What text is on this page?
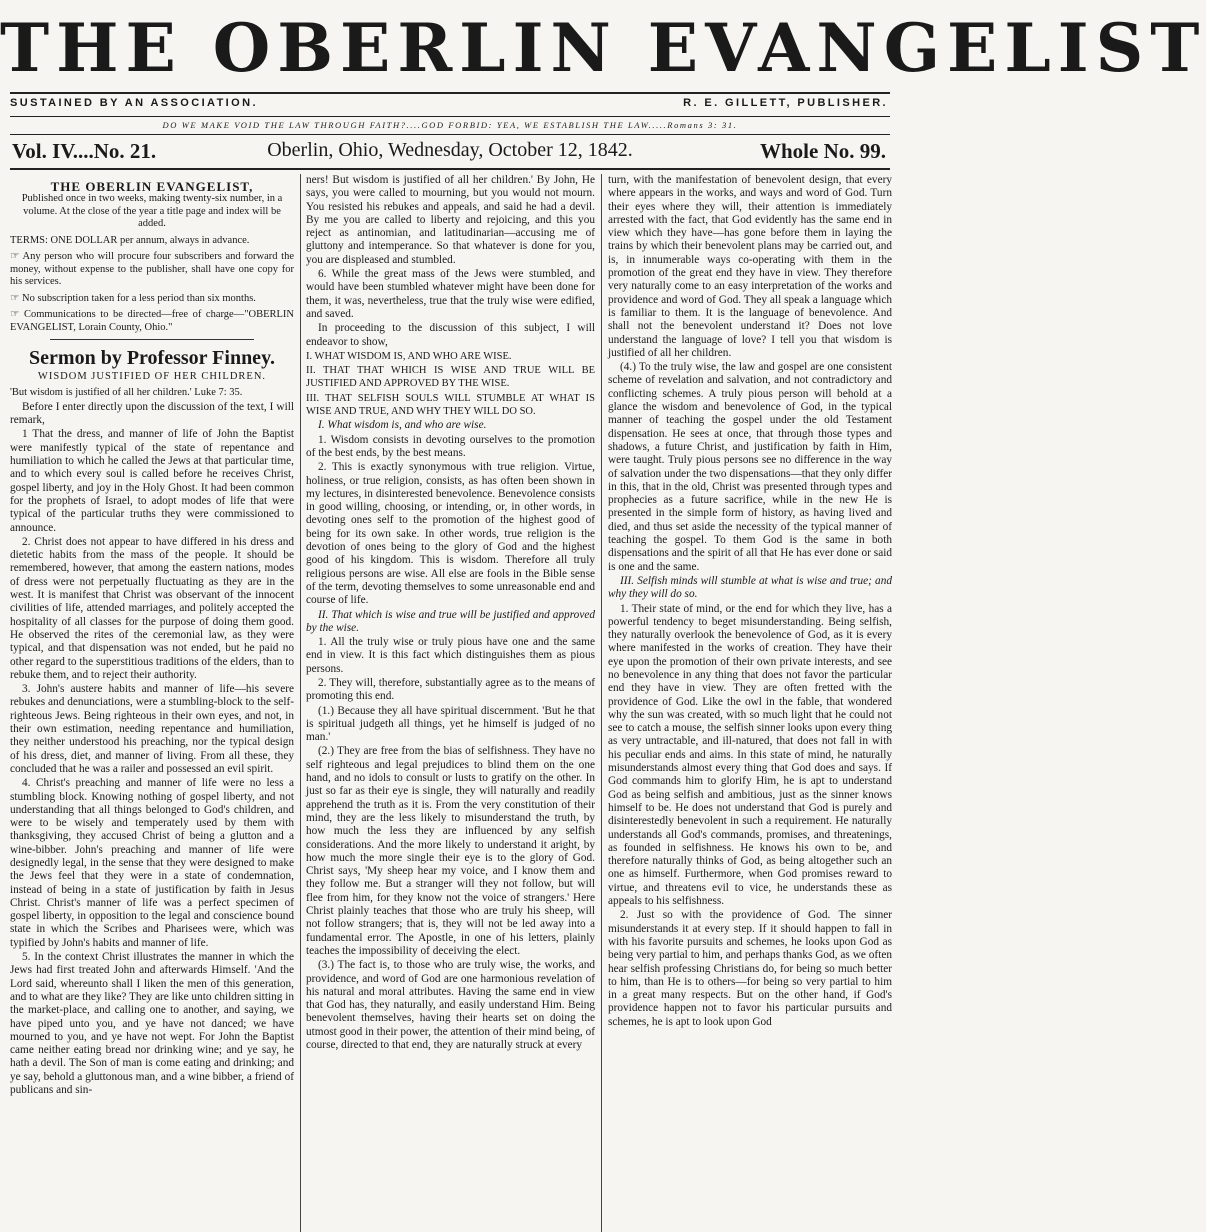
THE OBERLIN EVANGELIST
SUSTAINED BY AN ASSOCIATION.	R. E. GILLETT, PUBLISHER.
DO WE MAKE VOID THE LAW THROUGH FAITH?....GOD FORBID: YEA, WE ESTABLISH THE LAW.....Romans 3: 31.
Vol. IV....No. 21.	Oberlin, Ohio, Wednesday, October 12, 1842.	Whole No. 99.
THE OBERLIN EVANGELIST,

Published once in two weeks, making twenty-six number, in a volume. At the close of the year a title page and index will be added.

TERMS: ONE DOLLAR per annum, always in advance.

☞ Any person who will procure four subscribers and forward the money, without expense to the publisher, shall have one copy for his services.

☞ No subscription taken for a less period than six months.

☞ Communications to be directed—free of charge—"OBERLIN EVANGELIST, Lorain County, Ohio."

Sermon by Professor Finney.
WISDOM JUSTIFIED OF HER CHILDREN.

'But wisdom is justified of all her children.' Luke 7: 35.

Before I enter directly upon the discussion of the text, I will remark,

1 That the dress, and manner of life of John the Baptist were manifestly typical of the state of repentance and humiliation to which he called the Jews at that particular time, and to which every soul is called before he receives Christ, gospel liberty, and joy in the Holy Ghost. It had been common for the prophets of Israel, to adopt modes of life that were typical of the particular truths they were commissioned to announce.

2. Christ does not appear to have differed in his dress and dietetic habits from the mass of the people. It should be remembered, however, that among the eastern nations, modes of dress were not perpetually fluctuating as they are in the west. It is manifest that Christ was observant of the innocent civilities of life, attended marriages, and politely accepted the hospitality of all classes for the purpose of doing them good. He observed the rites of the ceremonial law, as they were typical, and that dispensation was not ended, but he paid no other regard to the superstitious traditions of the elders, than to rebuke them, and to reject their authority.

3. John's austere habits and manner of life—his severe rebukes and denunciations, were a stumbling-block to the self-righteous Jews. Being righteous in their own eyes, and not, in their own estimation, needing repentance and humiliation, they neither understood his preaching, nor the typical design of his dress, diet, and manner of living. From all these, they concluded that he was a railer and possessed an evil spirit.

4. Christ's preaching and manner of life were no less a stumbling block. Knowing nothing of gospel liberty, and not understanding that all things belonged to God's children, and were to be wisely and temperately used by them with thanksgiving, they accused Christ of being a glutton and a wine-bibber. John's preaching and manner of life were designedly legal, in the sense that they were designed to make the Jews feel that they were in a state of condemnation, instead of being in a state of justification by faith in Jesus Christ. Christ's manner of life was a perfect specimen of gospel liberty, in opposition to the legal and conscience bound state in which the Scribes and Pharisees were, which was typified by John's habits and manner of life.

5. In the context Christ illustrates the manner in which the Jews had first treated John and afterwards Himself. 'And the Lord said, whereunto shall I liken the men of this generation, and to what are they like? They are like unto children sitting in the market-place, and calling one to another, and saying, we have piped unto you, and ye have not danced; we have mourned to you, and ye have not wept. For John the Baptist came neither eating bread nor drinking wine; and ye say, he hath a devil. The Son of man is come eating and drinking; and ye say, behold a gluttonous man, and a wine bibber, a friend of publicans and sin-

ners! But wisdom is justified of all her children.' By John, He says, you were called to mourning, but you would not mourn. You resisted his rebukes and appeals, and said he had a devil. By me you are called to liberty and rejoicing, and this you reject as antinomian, and latitudinarian—accusing me of gluttony and intemperance. So that whatever is done for you, you are displeased and stumbled.

6. While the great mass of the Jews were stumbled, and would have been stumbled whatever might have been done for them, it was, nevertheless, true that the truly wise were edified, and saved.

In proceeding to the discussion of this subject, I will endeavor to show,

I. WHAT WISDOM IS, AND WHO ARE WISE.

II. THAT THAT WHICH IS WISE AND TRUE WILL BE JUSTIFIED AND APPROVED BY THE WISE.

III. THAT SELFISH SOULS WILL STUMBLE AT WHAT IS WISE AND TRUE, AND WHY THEY WILL DO SO.

I. What wisdom is, and who are wise.

1. Wisdom consists in devoting ourselves to the promotion of the best ends, by the best means.

2. This is exactly synonymous with true religion. Virtue, holiness, or true religion, consists, as has often been shown in my lectures, in disinterested benevolence. Benevolence consists in good willing, choosing, or intending, or, in other words, in devoting ones self to the promotion of the highest good of being for its own sake. In other words, true religion is the devotion of ones being to the glory of God and the highest good of his kingdom. This is wisdom. Therefore all truly religious persons are wise. All else are fools in the Bible sense of the term, devoting themselves to some unreasonable end and course of life.

II. That which is wise and true will be justified and approved by the wise.

1. All the truly wise or truly pious have one and the same end in view. It is this fact which distinguishes them as pious persons.

2. They will, therefore, substantially agree as to the means of promoting this end.

(1.) Because they all have spiritual discernment. 'But he that is spiritual judgeth all things, yet he himself is judged of no man.'

(2.) They are free from the bias of selfishness. They have no self righteous and legal prejudices to blind them on the one hand, and no idols to consult or lusts to gratify on the other. In just so far as their eye is single, they will naturally and readily apprehend the truth as it is. From the very constitution of their mind, they are the less likely to misunderstand the truth, by how much the less they are influenced by any selfish considerations. And the more likely to understand it aright, by how much the more single their eye is to the glory of God. Christ says, 'My sheep hear my voice, and I know them and they follow me. But a stranger will they not follow, but will flee from him, for they know not the voice of strangers.' Here Christ plainly teaches that those who are truly his sheep, will not follow strangers; that is, they will not be led away into a fundamental error. The Apostle, in one of his letters, plainly teaches the impossibility of deceiving the elect.

(3.) The fact is, to those who are truly wise, the works, and providence, and word of God are one harmonious revelation of his natural and moral attributes. Having the same end in view that God has, they naturally, and easily understand Him. Being benevolent themselves, having their hearts set on doing the utmost good in their power, the attention of their mind being, of course, directed to that end, they are naturally struck at every

turn, with the manifestation of benevolent design, that every where appears in the works, and ways and word of God. Turn their eyes where they will, their attention is immediately arrested with the fact, that God evidently has the same end in view which they have—has gone before them in laying the trains by which their benevolent plans may be carried out, and is, in innumerable ways co-operating with them in the promotion of the great end they have in view. They therefore very naturally come to an easy interpretation of the works and providence and word of God. They all speak a language which is familiar to them. It is the language of benevolence. And shall not the benevolent understand it? Does not love understand the language of love? I tell you that wisdom is justified of all her children.

(4.) To the truly wise, the law and gospel are one consistent scheme of revelation and salvation, and not contradictory and conflicting schemes. A truly pious person will behold at a glance the wisdom and benevolence of God, in the typical manner of teaching the gospel under the old Testament dispensation. He sees at once, that through those types and shadows, a future Christ, and justification by faith in Him, were taught. Truly pious persons see no difference in the way of salvation under the two dispensations—that they only differ in this, that in the old, Christ was presented through types and prophecies as a future sacrifice, while in the new He is presented in the simple form of history, as having lived and died, and thus set aside the necessity of the typical manner of teaching the gospel. To them God is the same in both dispensations and the spirit of all that He has ever done or said is one and the same.

III. Selfish minds will stumble at what is wise and true; and why they will do so.

1. Their state of mind, or the end for which they live, has a powerful tendency to beget misunderstanding. Being selfish, they naturally overlook the benevolence of God, as it is every where manifested in the works of creation. They have their eye upon the promotion of their own private interests, and see no benevolence in any thing that does not favor the particular end they have in view. They are often fretted with the providence of God. Like the owl in the fable, that wondered why the sun was created, with so much light that he could not see to catch a mouse, the selfish sinner looks upon every thing as very untractable, and ill-natured, that does not fall in with his peculiar ends and aims. In this state of mind, he naturally misunderstands almost every thing that God does and says. If God commands him to glorify Him, he is apt to understand God as being selfish and ambitious, just as the sinner knows himself to be. He does not understand that God is purely and disinterestedly benevolent in such a requirement. He naturally understands all God's commands, promises, and threatenings, as founded in selfishness. He knows his own to be, and therefore naturally thinks of God, as being altogether such an one as himself. Furthermore, when God promises reward to virtue, and threatens evil to vice, he understands these as appeals to his selfishness.

2. Just so with the providence of God. The sinner misunderstands it at every step. If it should happen to fall in with his favorite pursuits and schemes, he looks upon God as being very partial to him, and perhaps thanks God, as we often hear selfish professing Christians do, for being so much better to him, than He is to others—for being so very partial to him in a great many respects. But on the other hand, if God's providence happen not to favor his particular pursuits and schemes, he is apt to look upon God
